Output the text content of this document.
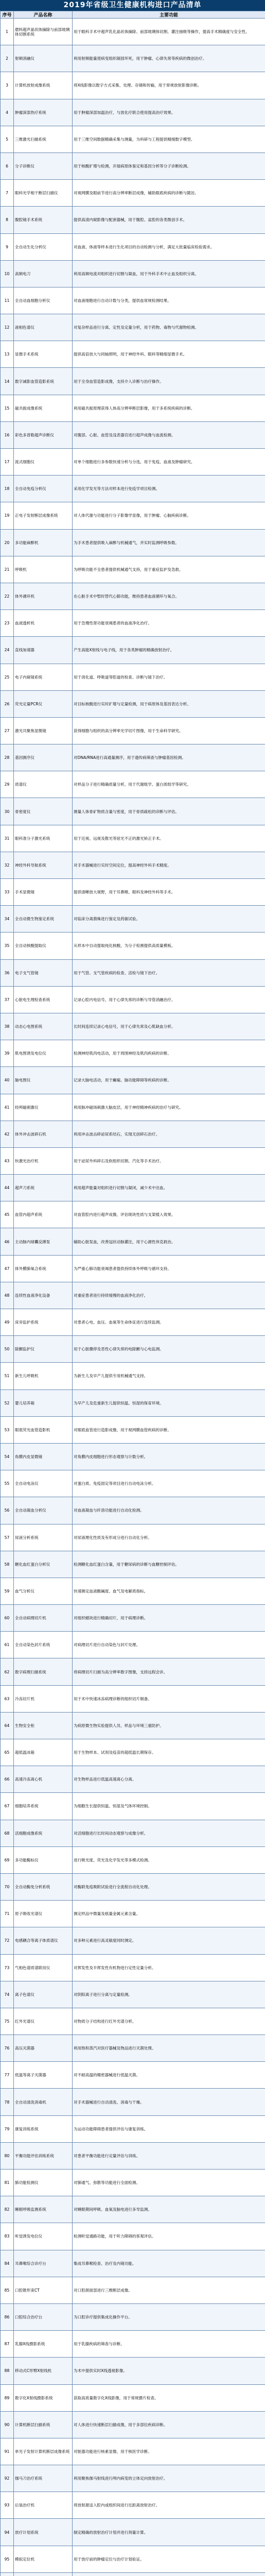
2019年省级卫生健康机构进口产品清单
序号	产品名称	主要功能
1	磨料超声晶状体摘除与前部玻璃体切割系统	用于眼科手术中超声乳化晶状体摘除、前部玻璃体切割、灌注抽吸等操作，提高手术精确度与安全性。
2	射频消融仪	利用射频能量使病变组织凝固坏死，用于肿瘤、心律失常等疾病的微创治疗。
3	计算机放射成像系统	将X线影像以数字方式采集、处理、存储和传输，用于常规放射影像诊断。
4	肿瘤深部热疗系统	用于肿瘤深部加温治疗，与放化疗联合使用提高治疗效果。
5	三维激光扫描系统	用于三维空间数据精确采集与测量，为科研与工程提供精细数字模型。
6	分子诊断仪	用于核酸扩增与检测，开展病原体鉴定和基因分析等分子诊断检测。
7	眼科光学相干断层扫描仪	对视网膜及眼前节进行高分辨率断层成像，辅助眼底疾病的诊断与随访。
8	腹腔镜手术系统	提供高清内窥影像与配套器械，用于腹腔、盆腔的各类微创手术。
9	全自动生化分析仪	对血液、体液等样本进行生化项目的自动检测与分析，满足大批量临床检验需求。
10	高频电刀	利用高频电流对组织进行切割与凝血，用于外科手术中止血及组织分离。
11	全自动血细胞分析仪	对血液细胞进行自动计数与分类，提供血常规检测结果。
12	液相色谱仪	对复杂样品进行分离、定性及定量分析，用于药物、毒物与代谢物检测。
13	显微手术系统	提供高倍放大与同轴照明，用于神经外科、眼科等精细显微手术。
14	数字减影血管造影系统	用于全身血管造影成像，支持介入诊断与治疗操作。
15	磁共振成像系统	利用磁共振原理获得人体高分辨率断层影像，用于多系统疾病的诊断。
16	彩色多普勒超声诊断仪	对腹部、心脏、血管及浅表器官进行超声成像与血流检测。
17	流式细胞仪	对单个细胞进行多参数快速分析与分选，用于免疫、血液及肿瘤研究。
18	全自动免疫分析仪	采用化学发光等方法对样本进行免疫学项目检测。
19	正电子发射断层成像系统	对人体代谢与功能进行分子影像学显像，用于肿瘤、心脑疾病诊断。
20	多功能麻醉机	为手术患者提供吸入麻醉与机械通气，并实时监测呼吸参数。
21	呼吸机	为呼吸功能不全患者提供机械通气支持，用于重症监护及急救。
22	体外循环机	在心脏手术中暂时替代心肺功能，维持患者血液循环与氧合。
23	血液透析机	用于急慢性肾功能衰竭患者的血液净化治疗。
24	直线加速器	产生高能X射线与电子线，用于各类肿瘤的精确放射治疗。
25	电子内窥镜系统	用于消化道、呼吸道等腔道的检查、诊断与镜下治疗。
26	荧光定量PCR仪	对目标核酸进行实时扩增与定量检测，用于病原体及基因表达分析。
27	激光共聚焦显微镜	获得细胞与组织的高分辨率光学切片图像，用于生命科学研究。
28	基因测序仪	对DNA/RNA进行高通量测序，用于遗传病筛查与肿瘤基因检测。
29	质谱仪	对样品分子进行精确质量分析，用于代谢组学、蛋白质组学等研究。
30	骨密度仪	测量人体骨矿物质含量与密度，用于骨质疏松的诊断与评估。
31	眼科准分子激光系统	用于近视、远视及散光等屈光不正的激光矫正手术。
32	神经外科导航系统	对手术器械进行实时空间定位，提高神经外科手术精度。
33	手术显微镜	提供清晰放大视野，用于耳鼻喉、眼科及神经外科等手术。
34	全自动微生物鉴定系统	对临床分离菌株进行鉴定及药敏试验。
35	全自动核酸提取仪	从样本中自动提取纯化核酸，为分子检测提供高质量模板。
36	电子支气管镜	用于气管、支气管疾病的检查、活检与镜下治疗。
37	心脏电生理检查系统	记录心腔内电信号，用于心律失常的诊断与导管消融治疗。
38	动态心电图系统	长时间连续记录心电信号，用于心律失常及心肌缺血分析。
39	肌电图诱发电位仪	检测神经肌肉电活动，用于周围神经及肌肉疾病的诊断。
40	脑电图仪	记录大脑电活动，用于癫痫、脑功能障碍等疾病的诊断。
41	经颅磁刺激仪	利用脉冲磁场刺激大脑皮层，用于神经精神疾病的治疗与研究。
42	体外冲击波碎石机	利用冲击波击碎泌尿系结石，实现无创碎石治疗。
43	钬激光治疗机	用于泌尿外科碎石及软组织切割、汽化等手术治疗。
44	超声刀系统	利用超声能量对组织进行切割与凝闭，减少术中出血。
45	血管内超声系统	对血管腔内进行超声成像，评估斑块性质与支架植入效果。
46	主动脉内球囊反搏泵	辅助心脏泵血，改善冠状动脉灌注，用于心源性休克救治。
47	体外膜肺氧合系统	为严重心肺功能衰竭患者提供持续体外呼吸与循环支持。
48	连续性血液净化设备	对重症患者进行持续缓慢的血液净化治疗。
49	床旁监护系统	对患者心电、血压、血氧等生命体征进行连续监测。
50	除颤监护仪	用于心脏骤停及恶性心律失常的电除颤与心电监测。
51	新生儿呼吸机	为新生儿及早产儿提供专用机械通气支持。
52	婴儿培养箱	为早产儿及危重新生儿提供恒温、恒湿的保育环境。
53	眼底荧光血管造影机	对眼底血管进行造影成像，用于视网膜血管疾病的诊断。
54	角膜内皮显微镜	对角膜内皮细胞进行形态观察与计数分析。
55	全自动电泳仪	对蛋白质、免疫固定等项目进行自动电泳分析。
56	全自动凝血分析仪	对血液凝血与纤溶功能进行自动化检测。
57	尿液分析系统	对尿液理化性质及有形成分进行自动化分析。
58	糖化血红蛋白分析仪	检测糖化血红蛋白含量，用于糖尿病的诊断与血糖控制评估。
59	血气分析仪	快速测定血液酸碱度、血气及电解质指标。
60	全自动病理切片机	对组织蜡块进行精确切片，用于病理诊断。
61	全自动染色封片系统	对病理切片进行自动染色与封片处理。
62	数字病理扫描系统	将病理切片扫描为高分辨率数字图像，支持远程会诊。
63	冷冻切片机	用于术中快速冰冻病理诊断的组织切片制备。
64	生物安全柜	为病原微生物实验提供人员、样品与环境三重防护。
65	超低温冰箱	用于生物样本、试剂及疫苗的超低温长期保存。
66	高速冷冻离心机	对生物样品进行低温高速离心分离。
67	细胞培养系统	为细胞生长提供恒温、恒湿及气体环境控制。
68	活细胞成像系统	对活细胞进行长时间动态观察与成像分析。
69	多功能酶标仪	进行吸光度、荧光及化学发光等多模式检测。
70	全自动酶免分析系统	对酶联免疫吸附试验进行全流程自动化处理。
71	原子吸收光谱仪	测定样品中微量及痕量金属元素含量。
72	电感耦合等离子体质谱仪	对多种元素进行高灵敏度同时测定。
73	气相色谱质谱联用仪	对挥发性及半挥发性有机物进行定性定量分析。
74	离子色谱仪	对阴阳离子进行分离与定量检测。
75	红外光谱仪	对物质分子结构进行红外光谱分析。
76	高压灭菌器	利用饱和蒸汽对医疗器械及物品进行灭菌处理。
77	低温等离子灭菌器	对不耐高温的精密器械进行低温灭菌。
78	全自动清洗消毒机	对手术器械进行自动清洗、消毒与干燥。
79	康复训练系统	为运动功能障碍患者提供评估与康复训练。
80	平衡功能评估训练系统	对患者平衡功能进行定量评估与训练。
81	肺功能检测仪	对肺通气、弥散等功能进行全面检测。
82	睡眠呼吸监测系统	对睡眠期间呼吸、血氧及脑电进行多导监测。
83	听觉诱发电位仪	检测听觉通路功能，用于听力障碍的客观评估。
84	耳鼻喉综合诊疗台	集成耳鼻喉检查、治疗及内镜功能。
85	口腔锥形束CT	对口腔颌面部进行三维断层成像。
86	口腔综合治疗台	为口腔诊疗提供集成化操作平台。
87	乳腺X线摄影系统	用于乳腺疾病的筛查与诊断。
88	移动式C形臂X射线机	为术中提供实时X线透视影像。
89	数字化X射线摄影系统	获取高质量数字化X线影像，用于常规摄片检查。
90	计算机断层扫描系统	对人体进行快速断层扫描成像，用于多部位疾病诊断。
91	单光子发射计算机断层成像系统	对脏器功能进行核素显像，用于核医学诊断。
92	伽马刀治疗系统	利用聚焦伽马射线进行颅内病变的立体定向放射治疗。
93	后装治疗机	将放射源送入腔内或组织间进行近距离放射治疗。
94	放疗计划系统	制定精确的放射治疗计划并进行剂量计算。
95	模拟定位机	用于放疗前的肿瘤定位与治疗计划验证。
